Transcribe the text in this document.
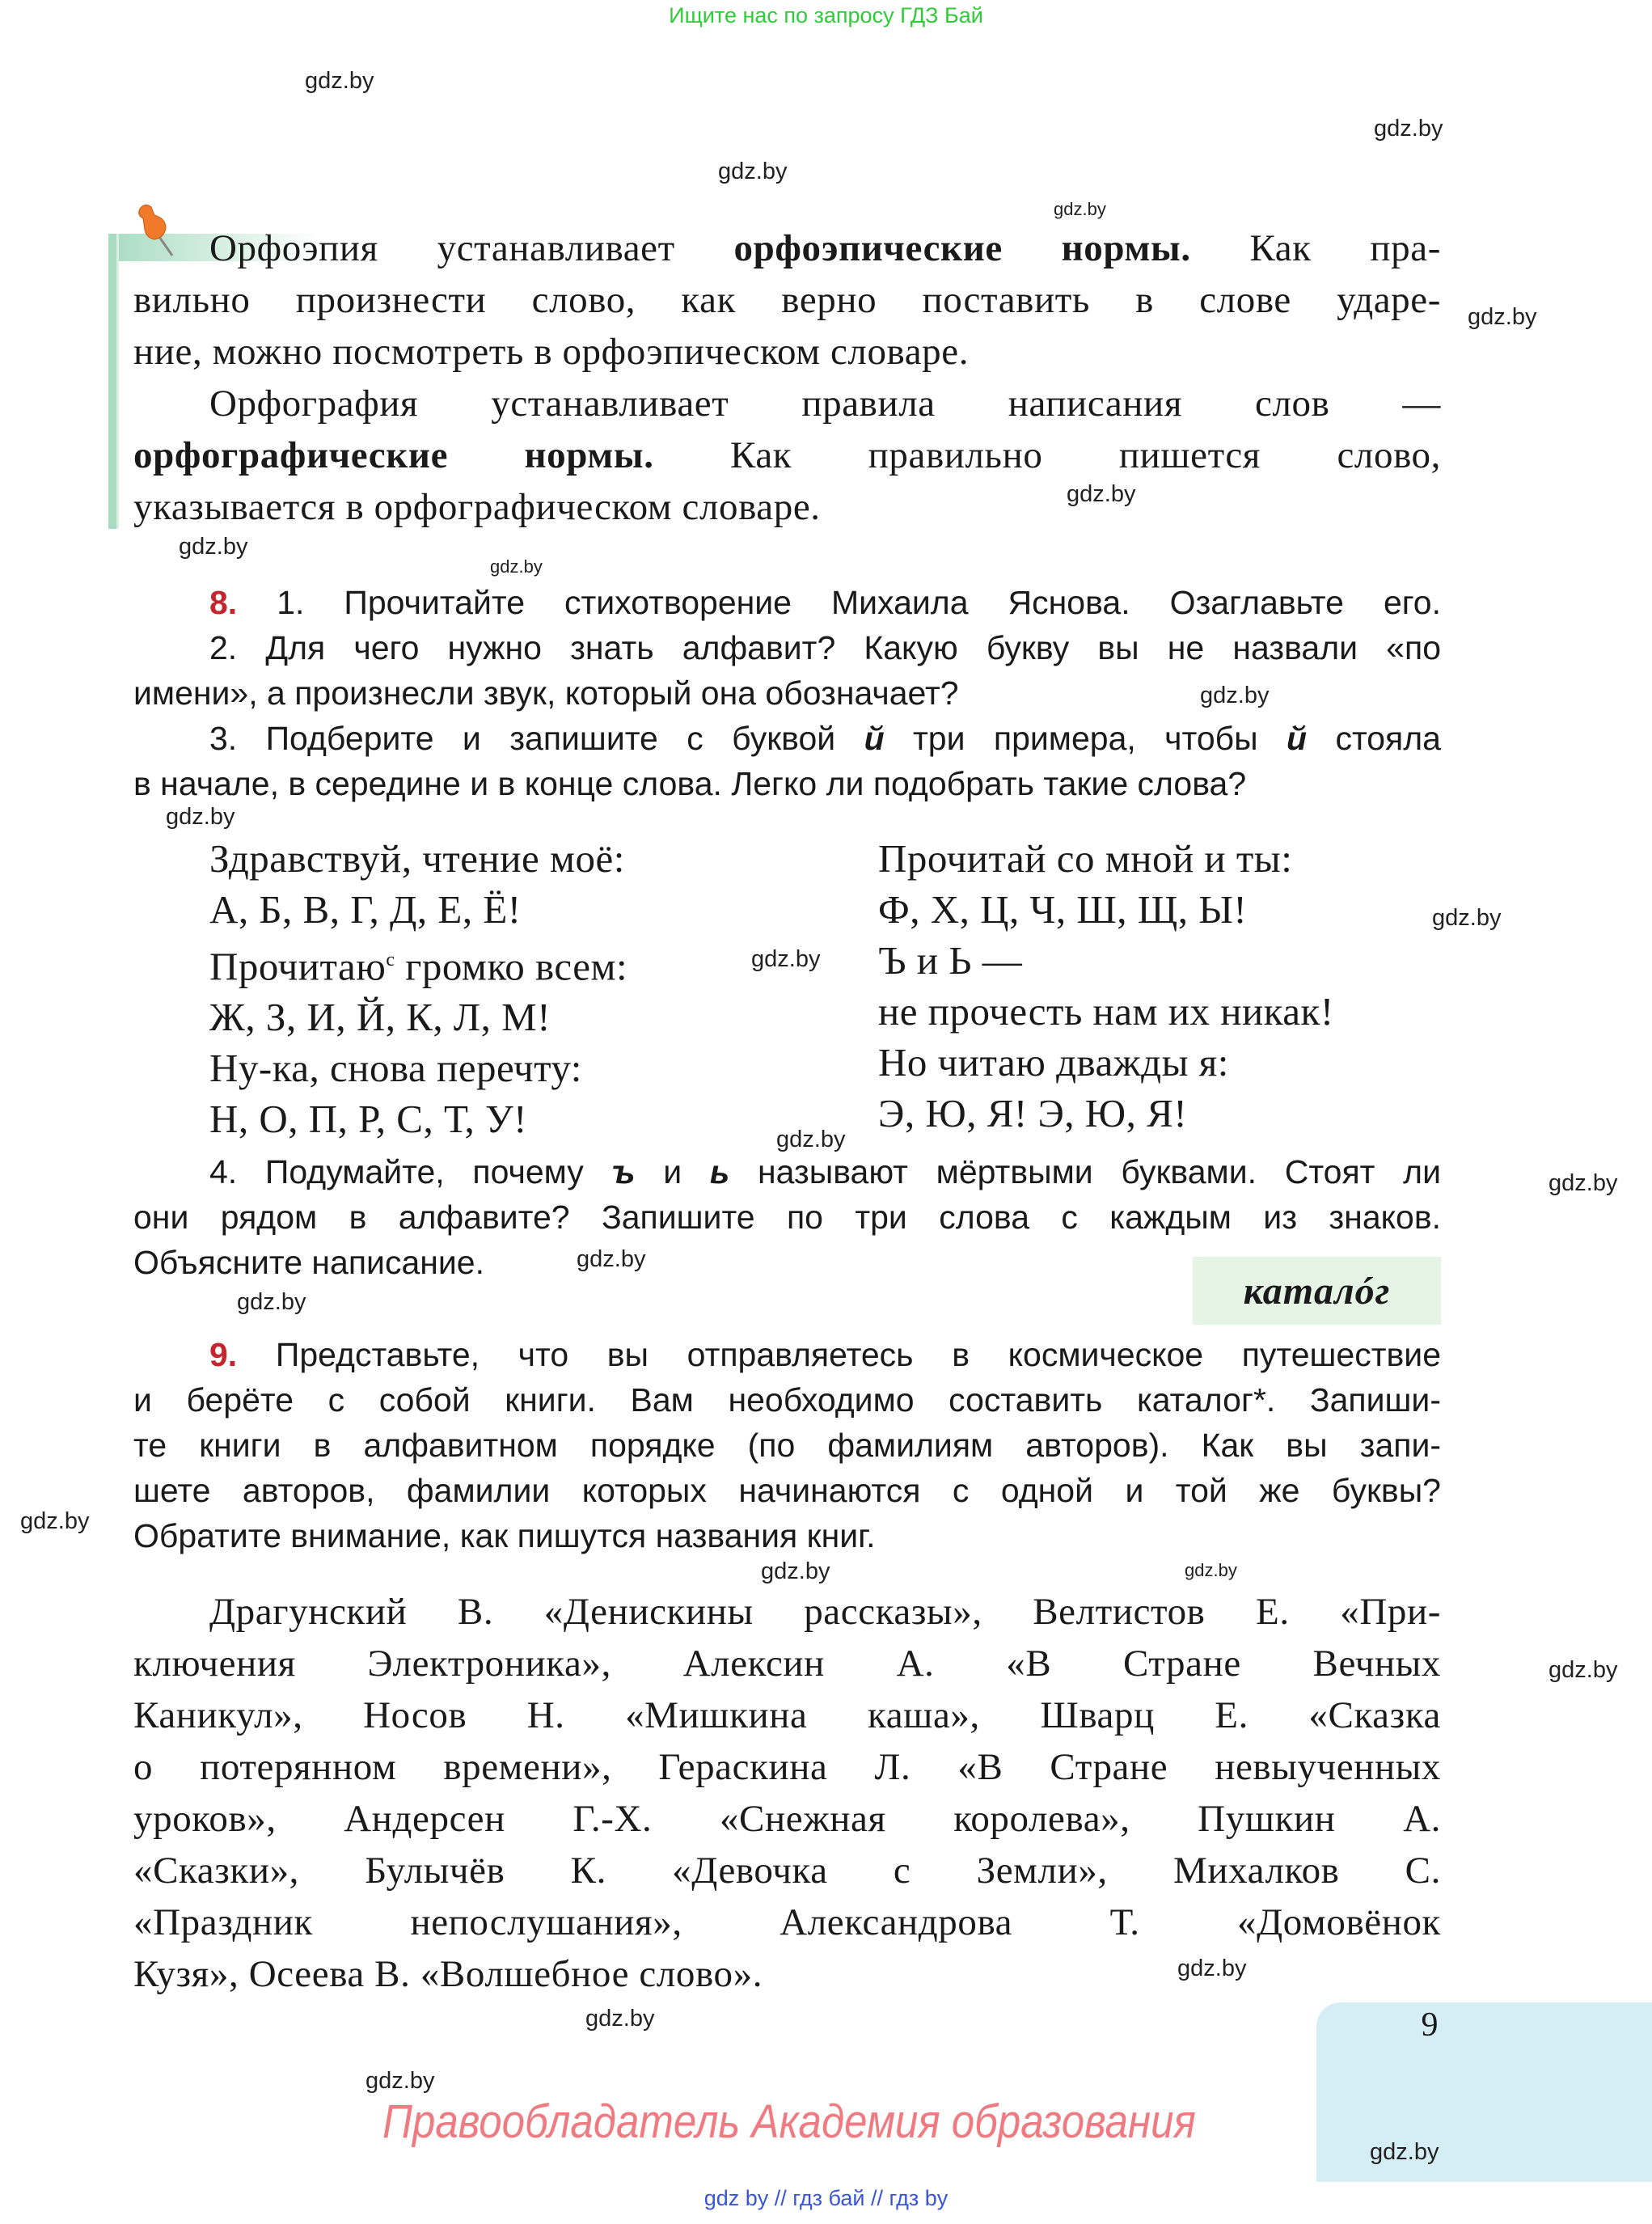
Ищите нас по запросу ГДЗ Бай
Орфоэпия устанавливает орфоэпические нормы. Как пра-
вильно произнести слово, как верно поставить в слове ударе-
ние, можно посмотреть в орфоэпическом словаре.
Орфография устанавливает правила написания слов —
орфографические нормы. Как правильно пишется слово,
указывается в орфографическом словаре.
8. 1. Прочитайте стихотворение Михаила Яснова. Озаглавьте его.
2. Для чего нужно знать алфавит? Какую букву вы не назвали «по
имени», а произнесли звук, который она обозначает?
3. Подберите и запишите с буквой й три примера, чтобы й стояла
в начале, в середине и в конце слова. Легко ли подобрать такие слова?
Здравствуй, чтение моё:
А, Б, В, Г, Д, Е, Ё!
Прочитаю$^с$ громко всем:
Ж, З, И, Й, К, Л, М!
Ну-ка, снова перечту:
Н, О, П, Р, С, Т, У!
Прочитай со мной и ты:
Ф, Х, Ц, Ч, Ш, Щ, Ы!
Ъ и Ь —
не прочесть нам их никак!
Но читаю дважды я:
Э, Ю, Я! Э, Ю, Я!
4. Подумайте, почему ъ и ь называют мёртвыми буквами. Стоят ли
они рядом в алфавите? Запишите по три слова с каждым из знаков.
Объясните написание.
каталóг
9. Представьте, что вы отправляетесь в космическое путешествие
и берёте с собой книги. Вам необходимо составить каталог*. Запиши-
те книги в алфавитном порядке (по фамилиям авторов). Как вы запи-
шете авторов, фамилии которых начинаются с одной и той же буквы?
Обратите внимание, как пишутся названия книг.
Драгунский В. «Денискины рассказы», Велтистов Е. «При-
ключения Электроника», Алексин А. «В Стране Вечных
Каникул», Носов Н. «Мишкина каша», Шварц Е. «Сказка
о потерянном времени», Гераскина Л. «В Стране невыученных
уроков», Андерсен Г.-Х. «Снежная королева», Пушкин А.
«Сказки», Булычёв К. «Девочка с Земли», Михалков С.
«Праздник непослушания», Александрова Т. «Домовёнок
Кузя», Осеева В. «Волшебное слово».
9
Правообладатель Академия образования
gdz by // гдз бай // гдз by
gdz.by
gdz.by
gdz.by
gdz.by
gdz.by
gdz.by
gdz.by
gdz.by
gdz.by
gdz.by
gdz.by
gdz.by
gdz.by
gdz.by
gdz.by
gdz.by
gdz.by
gdz.by	gdz.by
gdz.by
gdz.by
gdz.by
gdz.by
gdz.by
